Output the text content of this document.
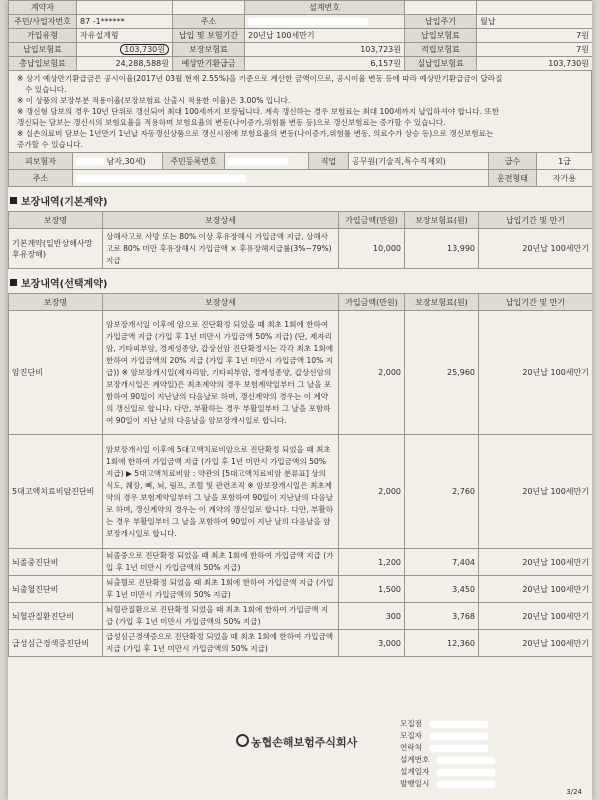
계약자			설계번호		
주민/사업자번호	87 -1******	주소		납입주기	월납
가입유형	자유설계형	납입 및 보험기간	20년납 100세만기	납입보험료	7원
납입보험료	103,730원	보장보험료	103,723원	적립보험료	7원
총납입보험료	24,288,588원	예상만기환급금	6,157원	실납입보험료	103,730원
※ 상기 예상만기환급금은 공시이율(2017년 03월 현재 2.55%)을 기준으로 계산한 금액이므로, 공시이율 변동 등에 따라 예상만기환급금이 달라질
수 있습니다.
※ 이 상품의 보장부분 적용이율(보장보험료 산출시 적용한 이율)은 3.00% 입니다.
※ 갱신형 담보의 경우 10년 단위로 갱신되어 최대 100세까지 보장됩니다. 계속 갱신하는 경우 보험료는 최대 100세까지 납입하셔야 합니다. 또한
갱신되는 담보는 갱신시의 보험요율을 적용하며 보험요율의 변동(나이증가,위험률 변동 등)으로 갱신보험료는 증가할 수 있습니다.
※ 실손의료비 담보는 1년만기 1년납 자동갱신상품으로 갱신시점에 보험요율의 변동(나이증가,위험률 변동, 의료수가 상승 등)으로 갱신보험료는
증가할 수 있습니다.
피보험자	남자,30세)	주민등록번호		직업	공무원(기술직,특수직제외)	급수	1급
주소						운전형태	자가용
보장내역(기본계약)
보장명	보장상세	가입금액(만원)	보장보험료(원)	납입기간 및 만기
기본계약(일반상해사망후유장해)	상해사고로 사망 또는 80% 이상 후유장해시 가입금액 지급, 상해사고로 80% 미만 후유장해시 가입금액 × 후유장해지급률(3%~79%) 지급	10,000	13,990	20년납 100세만기
보장내역(선택계약)
보장명	보장상세	가입금액(만원)	보장보험료(원)	납입기간 및 만기
암진단비	암보장개시일 이후에 암으로 진단확정 되었을 때 최초 1회에 한하여 가입금액 지급 (가입 후 1년 미만시 가입금액 50% 지급) (단, 제자리암, 기타피부암, 경계성종양, 갑상선암 진단확정시는 각각 최초 1회에 한하여 가입금액의 20% 지급 (가입 후 1년 미만시 가입금액 10% 지급)) ※ 암보장개시일(제자리암, 기타피부암, 경계성종양, 갑상선암의 보장개시일은 계약일)은 최초계약의 경우 보험계약일부터 그 날을 포함하여 90일이 지난날의 다음날로 하며, 갱신계약의 경우는 이 계약의 갱신일로 합니다. 다만, 부활하는 경우 부활일부터 그 날을 포함하여 90일이 지난 날의 다음날을 암보장개시일로 합니다.	2,000	25,960	20년납 100세만기
5대고액치료비암진단비	암보장개시일 이후에 5대고액치료비암으로 진단확정 되었을 때 최초 1회에 한하여 가입금액 지급 (가입 후 1년 미만시 가입금액의 50% 지급) ▶ 5대고액치료비암 : 약관의 [5대고액치료비암 분류표] 상의 식도, 췌장, 뼈, 뇌, 림프, 조혈 및 관련조직 ※ 암보장개시일은 최초계약의 경우 보험계약일부터 그 날을 포함하여 90일이 지난날의 다음날로 하며, 갱신계약의 경우는 이 계약의 갱신일로 합니다. 다만, 부활하는 경우 부활일부터 그 날을 포함하여 90일이 지난 날의 다음날을 암보장개시일로 합니다.	2,000	2,760	20년납 100세만기
뇌졸중진단비	뇌졸중으로 진단확정 되었을 때 최초 1회에 한하여 가입금액 지급 (가입 후 1년 미만시 가입금액의 50% 지급)	1,200	7,404	20년납 100세만기
뇌출혈진단비	뇌출혈로 진단확정 되었을 때 최초 1회에 한하여 가입금액 지급 (가입 후 1년 미만시 가입금액의 50% 지급)	1,500	3,450	20년납 100세만기
뇌혈관질환진단비	뇌혈관질환으로 진단확정 되었을 때 최초 1회에 한하여 가입금액 지급 (가입 후 1년 미만시 가입금액의 50% 지급)	300	3,768	20년납 100세만기
급성심근경색증진단비	급성심근경색증으로 진단확정 되었을 때 최초 1회에 한하여 가입금액 지급 (가입 후 1년 미만시 가입금액의 50% 지급)	3,000	12,360	20년납 100세만기
농협손해보험주식회사
모집점
모집자
연락처
설계번호
설계일자
발행일시
3/24
